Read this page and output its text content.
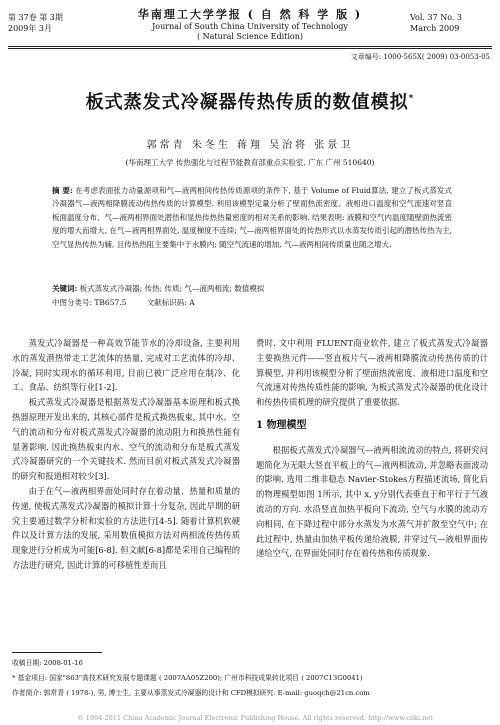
第 37卷 第 3期
2009年 3月
华南理工大学学报 ( 自 然 科 学 版 )
Journal of South China University of Technology
( Natural Science Edition)
Vol. 37 No. 3
March 2009
文章编号: 1000-565X( 2009) 03-0053-05
板式蒸发式冷凝器传热传质的数值模拟*
郭常青 朱冬生 蒋翔 吴治将 张景卫
(华南理工大学 传热强化与过程节能教育部重点实验室, 广东 广州 510640)
摘 要: 在考虑表面张力动量源项和气—液两相间传热传质源项的条件下, 基于 Volume of Fluid算法, 建立了板式蒸发式冷凝器气—液两相降膜流动传热传质的计算模型. 利用该模型定量分析了壁面热流密度、液相进口温度和空气流速对竖直板面温度分布、气—液两相界面处潜热和显热传热热量密度的相对关系的影响. 结果表明: 液膜和空气内温度随壁面热流密度的增大而增大, 在气—液两相界面处, 温度梯度不连续; 气—液两相界面处的传热形式以水蒸发传质引起的潜热传热为主, 空气显热传热为辅, 且传热热阻主要集中于水膜内; 随空气流速的增加, 气—液两相间传质量也随之增大.
关键词: 板式蒸发式冷凝器; 传热; 传质; 气—液两相流; 数值模拟
中图分类号: TB657.5	文献标识码: A

蒸发式冷凝器是一种高效节能节水的冷却设备, 主要利用水的蒸发潜热带走工艺流体的热量, 完成对工艺流体的冷却、冷凝, 同时实现水的循环利用, 目前已被广泛应用在制冷、化工、食品、纺织等行业[1-2].

板式蒸发式冷凝器是根据蒸发式冷凝器基本原理和板式换热器原理开发出来的, 其核心部件是板式换热板束, 其中水、空气的流动和分布对板式蒸发式冷凝器的流动阻力和换热性能有显著影响. 因此换热板束内水、空气的流动和分布是板式蒸发式冷凝器研究的一个关键技术. 然而目前对板式蒸发式冷凝器的研究和报道相对较少[3].

由于在气—液两相界面处同时存在着动量、热量和质量的传递, 使板式蒸发式冷凝器的模拟计算十分复杂, 因此早期的研究主要通过数学分析和实验的方法进行[4-5]. 随着计算机软硬件以及计算方法的发展, 采用数值模拟方法对两相流传热传质现象进行分析成为可能[6-8]. 但文献[6-8]都是采用自己编程的方法进行研究, 因此计算的可移植性差而且

费时. 文中利用 FLUENT商业软件, 建立了板式蒸发式冷凝器主要换热元件——竖直板片气—液两相降膜流动传热传质的计算模型, 并利用该模型分析了壁面热流密度、液相进口温度和空气流速对传热传质性能的影响, 为板式蒸发式冷凝器的优化设计和传热传质机理的研究提供了重要依据.

1 物理模型

根据板式蒸发式冷凝器气—液两相流流动的特点, 将研究问题简化为无限大竖直平板上的气—液两相流动, 并忽略表面波动的影响. 选用二维非稳态 Navier-Stokes方程描述流场, 简化后的物理模型如图 1所示, 其中 x, y分别代表垂直于和平行于气液流动的方向. 水沿竖直加热平板向下流动, 空气与水膜的流动方向相同, 在下降过程中部分水蒸发为水蒸气并扩散至空气中; 在此过程中, 热量由加热平板传递给液膜, 并穿过气—液相界面传递给空气, 在界面处同时存在着传热和传质现象.

收稿日期: 2008-01-16
* 基金项目: 国家"863"高技术研究发展专题课题 ( 2007AA05Z200); 广州市科技成果转化项目 ( 2007C13G0041)
作者简介: 郭常青 ( 1978-), 男, 博士生, 主要从事蒸发式冷凝器的设计和 CFD模拟研究. E-mail: guoqch@21cn.com
© 1994-2011 China Academic Journal Electronic Publishing House. All rights reserved. http://www.cnki.net
